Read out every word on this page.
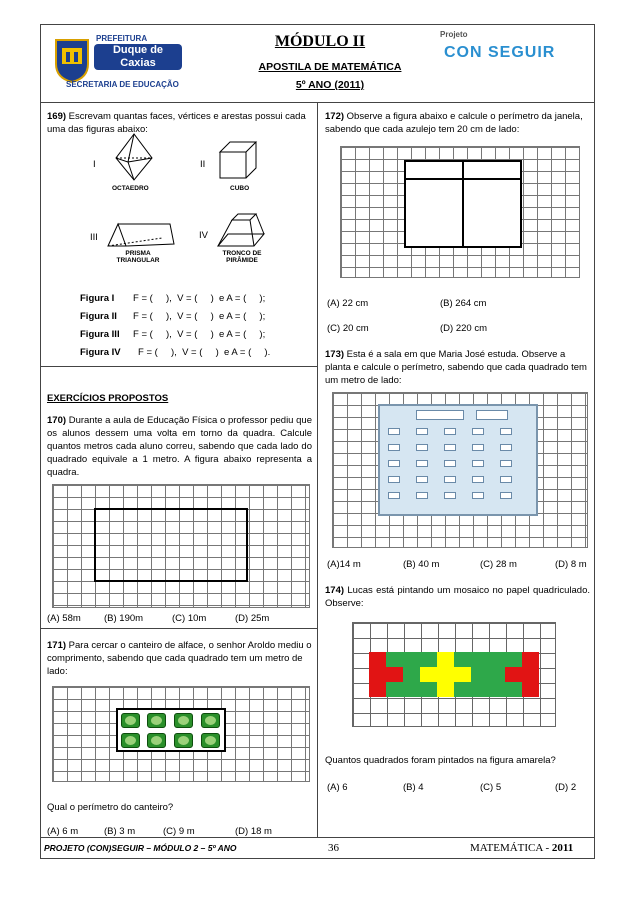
PREFEITURA
Duque de Caxias
SECRETARIA DE EDUCAÇÃO
MÓDULO II
APOSTILA DE MATEMÁTICA
5º ANO (2011)
Projeto
CON SEGUIR
169) Escrevam quantas faces, vértices e arestas possui cada uma das figuras abaixo:
I
OCTAEDRO
II
CUBO
III
PRISMA TRIANGULAR
IV
TRONCO DE PIRÂMIDE
Figura I F = (     ),  V = (     )  e A = (     );
Figura II F = (     ),  V = (     )  e A = (     );
Figura III F = (     ),  V = (     )  e A = (     );
Figura IV F = (     ),  V = (     )  e A = (     ).
EXERCÍCIOS PROPOSTOS
170) Durante a aula de Educação Física o professor pediu que os alunos dessem uma volta em torno da quadra. Calcule quantos metros cada aluno correu, sabendo que cada lado do quadrado equivale a 1 metro. A figura abaixo representa a quadra.
(A) 58m (B) 190m	(C) 10m	(D) 25m
171) Para cercar o canteiro de alface, o senhor Aroldo mediu o comprimento, sabendo que cada quadrado tem um metro de lado:
Qual o perímetro do canteiro?
(A) 6 m	(B) 3 m	(C) 9 m	(D) 18 m
172) Observe a figura abaixo e calcule o perímetro da janela, sabendo que cada azulejo tem 20 cm de lado:
(A) 22 cm	(B) 264 cm
(C) 20 cm	(D) 220 cm
173) Esta é a sala em que Maria José estuda. Observe a planta e calcule o perímetro, sabendo que cada quadrado tem um metro de lado:
(A)14 m	(B) 40 m	(C) 28 m	(D) 8 m
174) Lucas está pintando um mosaico no papel quadriculado. Observe:
Quantos quadrados foram pintados na figura amarela?
(A) 6	(B) 4	(C) 5	(D) 2
PROJETO (CON)SEGUIR – MÓDULO 2 – 5º ANO	36	MATEMÁTICA - 2011
